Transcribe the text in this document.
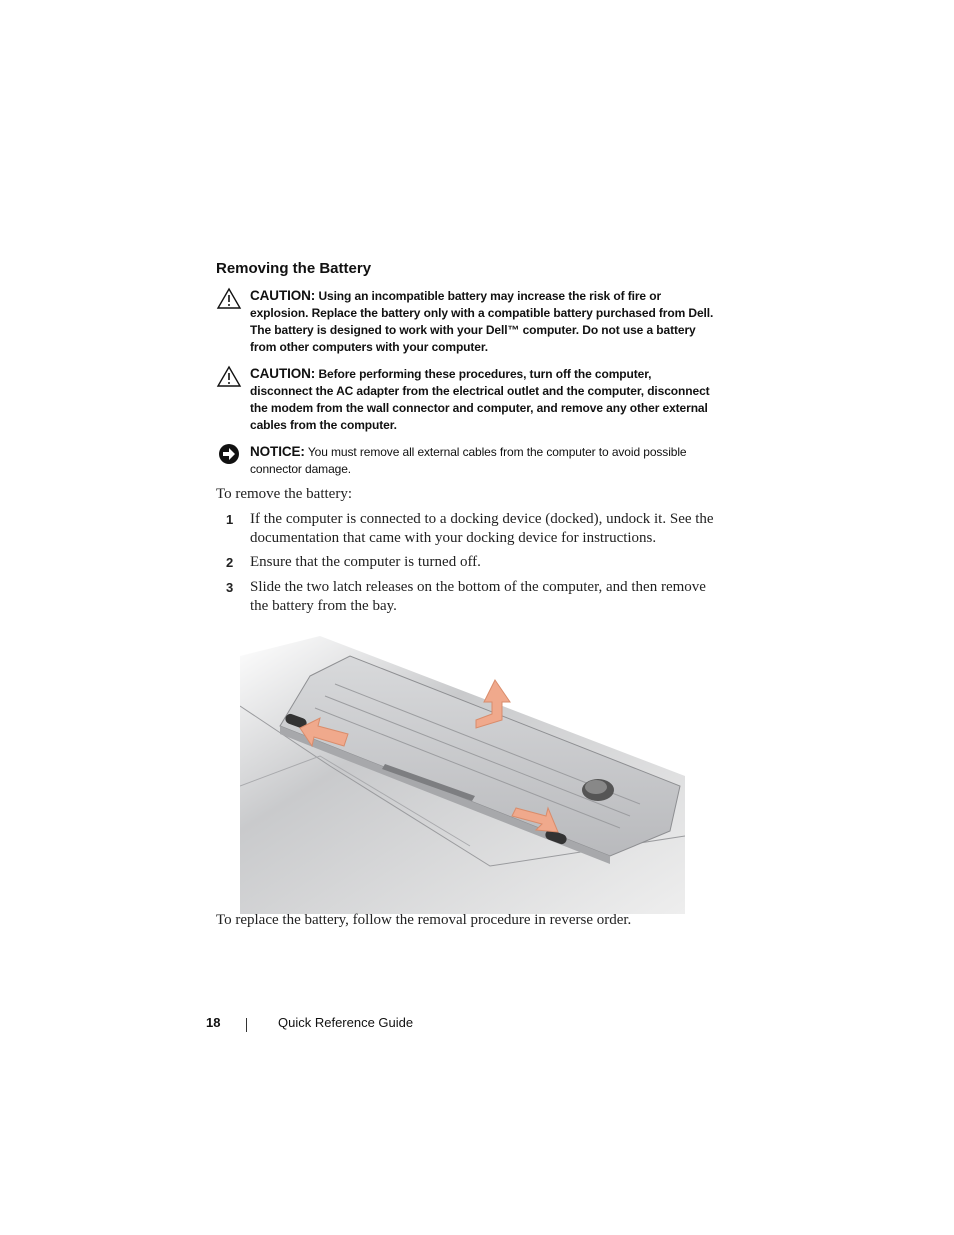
Removing the Battery
CAUTION: Using an incompatible battery may increase the risk of fire or explosion. Replace the battery only with a compatible battery purchased from Dell. The battery is designed to work with your Dell™ computer. Do not use a battery from other computers with your computer.
CAUTION: Before performing these procedures, turn off the computer, disconnect the AC adapter from the electrical outlet and the computer, disconnect the modem from the wall connector and computer, and remove any other external cables from the computer.
NOTICE: You must remove all external cables from the computer to avoid possible connector damage.
To remove the battery:
1 If the computer is connected to a docking device (docked), undock it. See the documentation that came with your docking device for instructions.
2 Ensure that the computer is turned off.
3 Slide the two latch releases on the bottom of the computer, and then remove the battery from the bay.
To replace the battery, follow the removal procedure in reverse order.
18	Quick Reference Guide
